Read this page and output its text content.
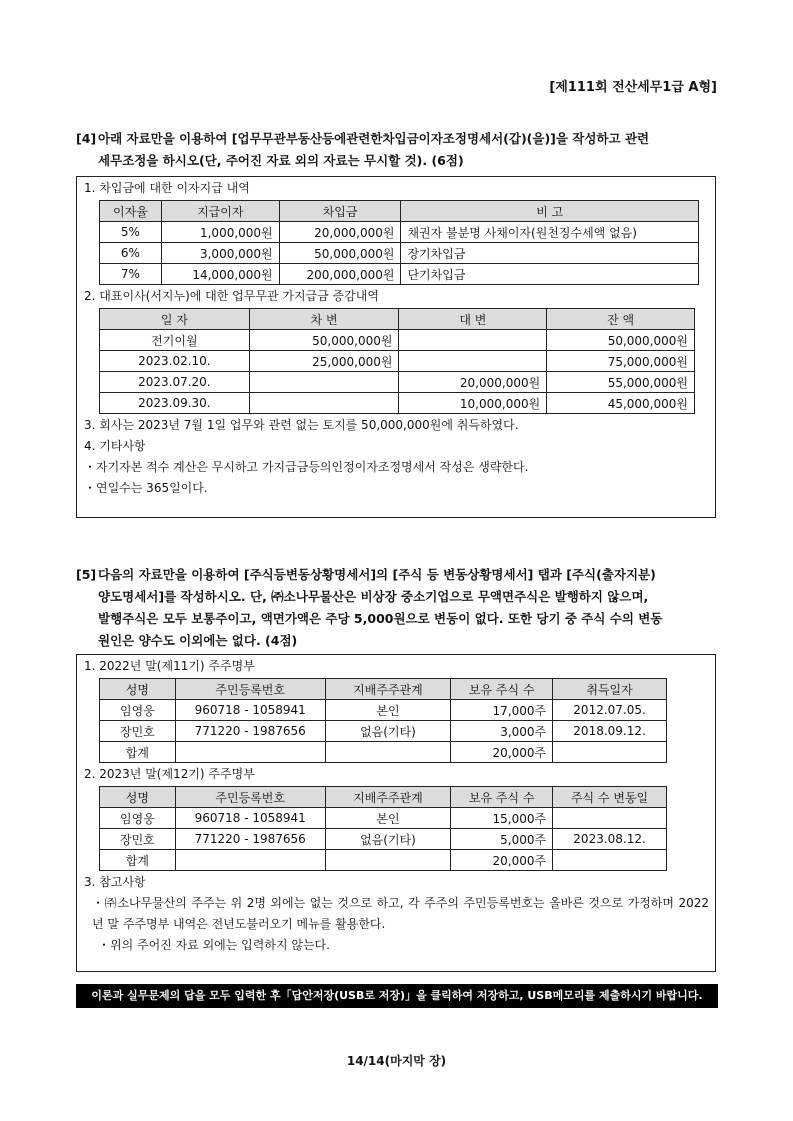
[제111회 전산세무1급 A형]
[4] 아래 자료만을 이용하여 [업무무관부동산등에관련한차입금이자조정명세서(갑)(을)]을 작성하고 관련
세무조정을 하시오(단, 주어진 자료 외의 자료는 무시할 것). (6점)
1. 차입금에 대한 이자지급 내역
이자율	지급이자	차입금	비 고
5%	1,000,000원	20,000,000원	채권자 불분명 사채이자(원천징수세액 없음)
6%	3,000,000원	50,000,000원	장기차입금
7%	14,000,000원	200,000,000원	단기차입금
2. 대표이사(서지누)에 대한 업무무관 가지급금 증감내역
일 자	차 변	대 변	잔 액
전기이월	50,000,000원		50,000,000원
2023.02.10.	25,000,000원		75,000,000원
2023.07.20.		20,000,000원	55,000,000원
2023.09.30.		10,000,000원	45,000,000원
3. 회사는 2023년 7월 1일 업무와 관련 없는 토지를 50,000,000원에 취득하였다.
4. 기타사항
・자기자본 적수 계산은 무시하고 가지급금등의인정이자조정명세서 작성은 생략한다.
・연일수는 365일이다.
[5] 다음의 자료만을 이용하여 [주식등변동상황명세서]의 [주식 등 변동상황명세서] 탭과 [주식(출자지분)
양도명세서]를 작성하시오. 단, ㈜소나무물산은 비상장 중소기업으로 무액면주식은 발행하지 않으며,
발행주식은 모두 보통주이고, 액면가액은 주당 5,000원으로 변동이 없다. 또한 당기 중 주식 수의 변동
원인은 양수도 이외에는 없다. (4점)
1. 2022년 말(제11기) 주주명부
성명	주민등록번호	지배주주관계	보유 주식 수	취득일자
임영웅	960718 - 1058941	본인	17,000주	2012.07.05.
장민호	771220 - 1987656	없음(기타)	3,000주	2018.09.12.
합계			20,000주	
2. 2023년 말(제12기) 주주명부
성명	주민등록번호	지배주주관계	보유 주식 수	주식 수 변동일
임영웅	960718 - 1058941	본인	15,000주	
장민호	771220 - 1987656	없음(기타)	5,000주	2023.08.12.
합계			20,000주	
3. 참고사항
・㈜소나무물산의 주주는 위 2명 외에는 없는 것으로 하고, 각 주주의 주민등록번호는 올바른 것으로 가정하며 2022년 말 주주명부 내역은 전년도불러오기 메뉴를 활용한다.
・위의 주어진 자료 외에는 입력하지 않는다.
이론과 실무문제의 답을 모두 입력한 후「답안저장(USB로 저장)」을 클릭하여 저장하고, USB메모리를 제출하시기 바랍니다.
14/14(마지막 장)
